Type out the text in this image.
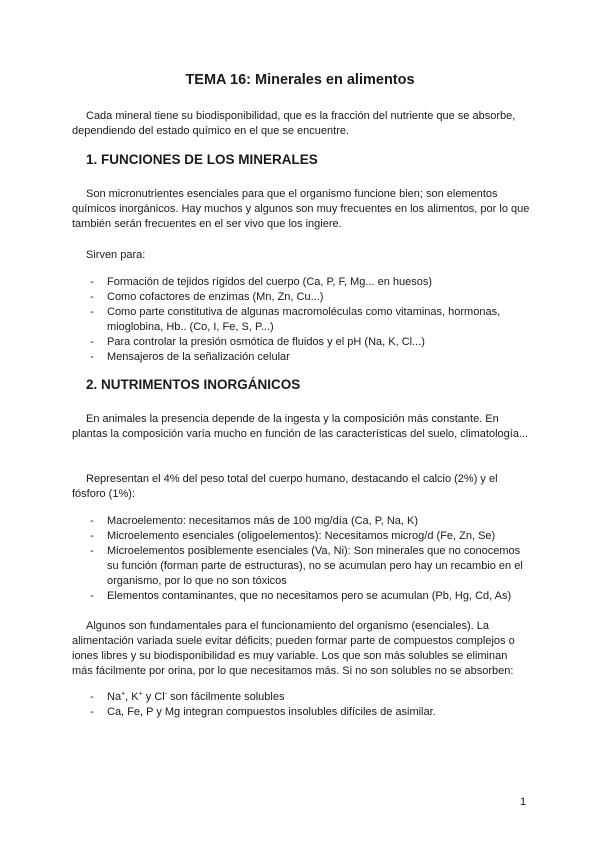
TEMA 16: Minerales en alimentos

Cada mineral tiene su biodisponibilidad, que es la fracción del nutriente que se absorbe, dependiendo del estado químico en el que se encuentre.

1. FUNCIONES DE LOS MINERALES

Son micronutrientes esenciales para que el organismo funcione bien; son elementos químicos inorgánicos. Hay muchos y algunos son muy frecuentes en los alimentos, por lo que también serán frecuentes en el ser vivo que los ingiere.

Sirven para:

- Formación de tejidos rígidos del cuerpo (Ca, P, F, Mg... en huesos)
- Como cofactores de enzimas (Mn, Zn, Cu...)
- Como parte constitutiva de algunas macromoléculas como vitaminas, hormonas, mioglobina, Hb.. (Co, I, Fe, S, P...)
- Para controlar la presión osmótica de fluidos y el pH (Na, K, Cl...)
- Mensajeros de la señalización celular
2. NUTRIMENTOS INORGÁNICOS

En animales la presencia depende de la ingesta y la composición más constante. En plantas la composición varía mucho en función de las características del suelo, climatología...

Representan el 4% del peso total del cuerpo humano, destacando el calcio (2%) y el fósforo (1%):

- Macroelemento: necesitamos más de 100 mg/día (Ca, P, Na, K)
- Microelemento esenciales (oligoelementos): Necesitamos microg/d (Fe, Zn, Se)
- Microelementos posiblemente esenciales (Va, Ni): Son minerales que no conocemos su función (forman parte de estructuras), no se acumulan pero hay un recambio en el organismo, por lo que no son tóxicos
- Elementos contaminantes, que no necesitamos pero se acumulan (Pb, Hg, Cd, As)

Algunos son fundamentales para el funcionamiento del organismo (esenciales). La alimentación variada suele evitar déficits; pueden formar parte de compuestos complejos o iones libres y su biodisponibilidad es muy variable. Los que son más solubles se eliminan más fácilmente por orina, por lo que necesitamos más. Si no son solubles no se absorben:

- Na+, K+ y Cl- son fácilmente solubles
- Ca, Fe, P y Mg integran compuestos insolubles difíciles de asimilar.
1
